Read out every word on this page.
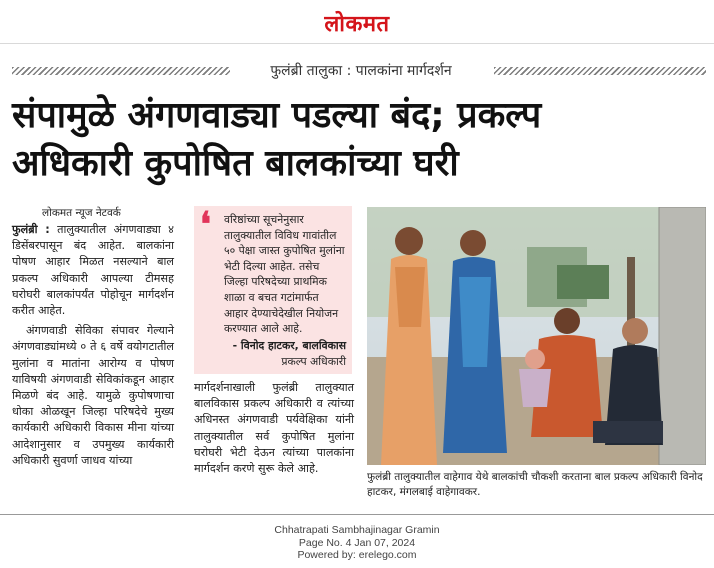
लोकमत
फुलंब्री तालुका : पालकांना मार्गदर्शन
संपामुळे अंगणवाड्या पडल्या बंद; प्रकल्प
अधिकारी कुपोषित बालकांच्या घरी
लोकमत न्यूज नेटवर्क

फुलंब्री : तालुक्यातील अंगणवाड्या ४ डिसेंबरपासून बंद आहेत. बालकांना पोषण आहार मिळत नसल्याने बाल प्रकल्प अधिकारी आपल्या टीमसह घरोघरी बालकांपर्यंत पोहोचून मार्गदर्शन करीत आहेत.

अंगणवाडी सेविका संपावर गेल्याने अंगणवाड्यांमध्ये ० ते ६ वर्षे वयोगटातील मुलांना व मातांना आरोग्य व पोषण याविषयी अंगणवाडी सेविकांकडून आहार मिळणे बंद आहे. यामुळे कुपोषणाचा धोका ओळखून जिल्हा परिषदेचे मुख्य कार्यकारी अधिकारी विकास मीना यांच्या आदेशानुसार व उपमुख्य कार्यकारी अधिकारी सुवर्णा जाधव यांच्या

❛ वरिष्ठांच्या सूचनेनुसार तालुक्यातील विविध गावांतील ५० पेक्षा जास्त कुपोषित मुलांना भेटी दिल्या आहेत. तसेच जिल्हा परिषदेच्या प्राथमिक शाळा व बचत गटांमार्फत आहार देण्याचेदेखील नियोजन करण्यात आले आहे.
- विनोद हाटकर, बालविकास
प्रकल्प अधिकारी

मार्गदर्शनाखाली फुलंब्री तालुक्यात बालविकास प्रकल्प अधिकारी व त्यांच्या अधिनस्त अंगणवाडी पर्यवेक्षिका यांनी तालुक्यातील सर्व कुपोषित मुलांना घरोघरी भेटी देऊन त्यांच्या पालकांना मार्गदर्शन करणे सुरू केले आहे.

फुलंब्री तालुक्यातील वाहेगाव येथे बालकांची चौकशी करताना बाल प्रकल्प अधिकारी विनोद हाटकर, मंगलबाई वाहेगावकर.
Chhatrapati Sambhajinagar Gramin
Page No. 4 Jan 07, 2024
Powered by: erelego.com
